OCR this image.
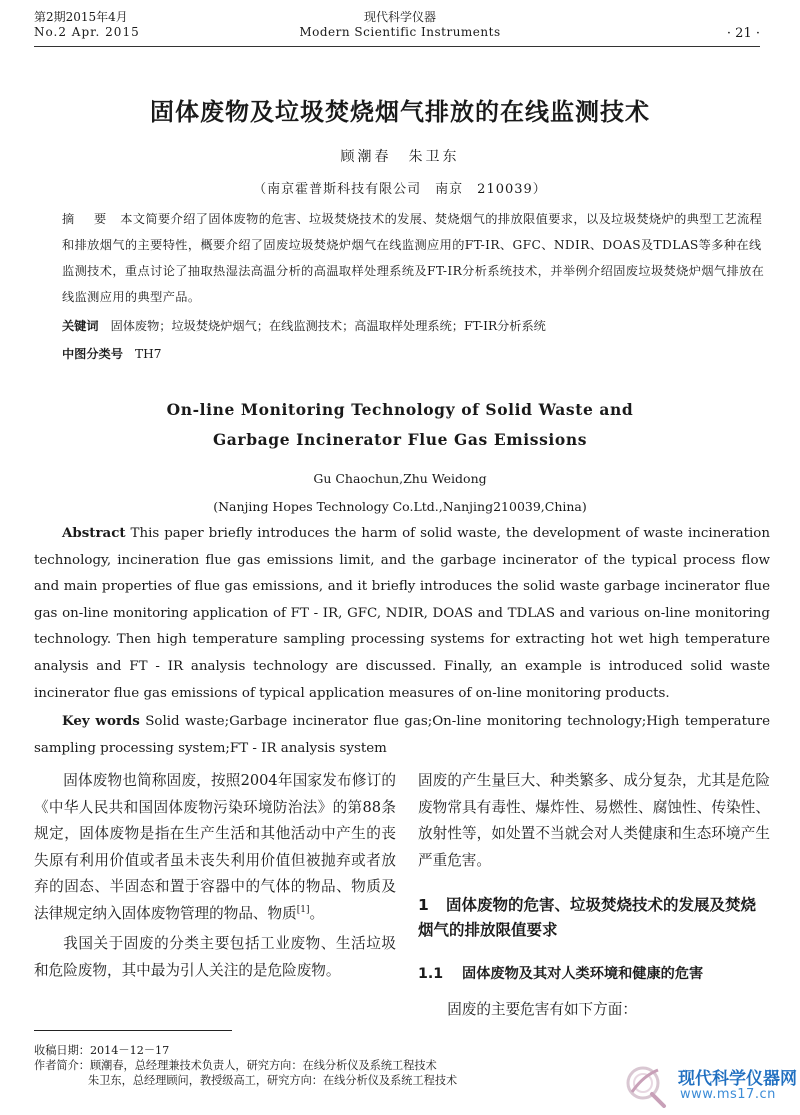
第2期2015年4月
No.2 Apr. 2015
现代科学仪器
Modern Scientific Instruments	· 21 ·
固体废物及垃圾焚烧烟气排放的在线监测技术
顾潮春　朱卫东
（南京霍普斯科技有限公司　南京　210039）
摘 要 本文简要介绍了固体废物的危害、垃圾焚烧技术的发展、焚烧烟气的排放限值要求，以及垃圾焚烧炉的典型工艺流程和排放烟气的主要特性，概要介绍了固废垃圾焚烧炉烟气在线监测应用的FT-IR、GFC、NDIR、DOAS及TDLAS等多种在线监测技术，重点讨论了抽取热湿法高温分析的高温取样处理系统及FT-IR分析系统技术，并举例介绍固废垃圾焚烧炉烟气排放在线监测应用的典型产品。
关键词 固体废物；垃圾焚烧炉烟气；在线监测技术；高温取样处理系统；FT-IR分析系统
中图分类号 TH7
On-line Monitoring Technology of Solid Waste and
Garbage Incinerator Flue Gas Emissions
Gu Chaochun,Zhu Weidong
(Nanjing Hopes Technology Co.Ltd.,Nanjing210039,China)
Abstract This paper briefly introduces the harm of solid waste, the development of waste incineration technology, incineration flue gas emissions limit, and the garbage incinerator of the typical process flow and main properties of flue gas emissions, and it briefly introduces the solid waste garbage incinerator flue gas on-line monitoring application of FT - IR, GFC, NDIR, DOAS and TDLAS and various on-line monitoring technology. Then high temperature sampling processing systems for extracting hot wet high temperature analysis and FT - IR analysis technology are discussed. Finally, an example is introduced solid waste incinerator flue gas emissions of typical application measures of on-line monitoring products.
Key words Solid waste;Garbage incinerator flue gas;On-line monitoring technology;High temperature sampling processing system;FT - IR analysis system

固体废物也简称固废，按照2004年国家发布修订的《中华人民共和国固体废物污染环境防治法》的第88条规定，固体废物是指在生产生活和其他活动中产生的丧失原有利用价值或者虽未丧失利用价值但被抛弃或者放弃的固态、半固态和置于容器中的气体的物品、物质及法律规定纳入固体废物管理的物品、物质[1]。

我国关于固废的分类主要包括工业废物、生活垃圾和危险废物，其中最为引人关注的是危险废物。

固废的产生量巨大、种类繁多、成分复杂，尤其是危险废物常具有毒性、爆炸性、易燃性、腐蚀性、传染性、放射性等，如处置不当就会对人类健康和生态环境产生严重危害。

1 固体废物的危害、垃圾焚烧技术的发展及焚烧烟气的排放限值要求
1.1 固体废物及其对人类环境和健康的危害
固废的主要危害有如下方面：
收稿日期：2014－12－17
作者简介：顾潮春，总经理兼技术负责人，研究方向：在线分析仪及系统工程技术
朱卫东，总经理顾问，教授级高工，研究方向：在线分析仪及系统工程技术	现代科学仪器网
www.ms17.cn
